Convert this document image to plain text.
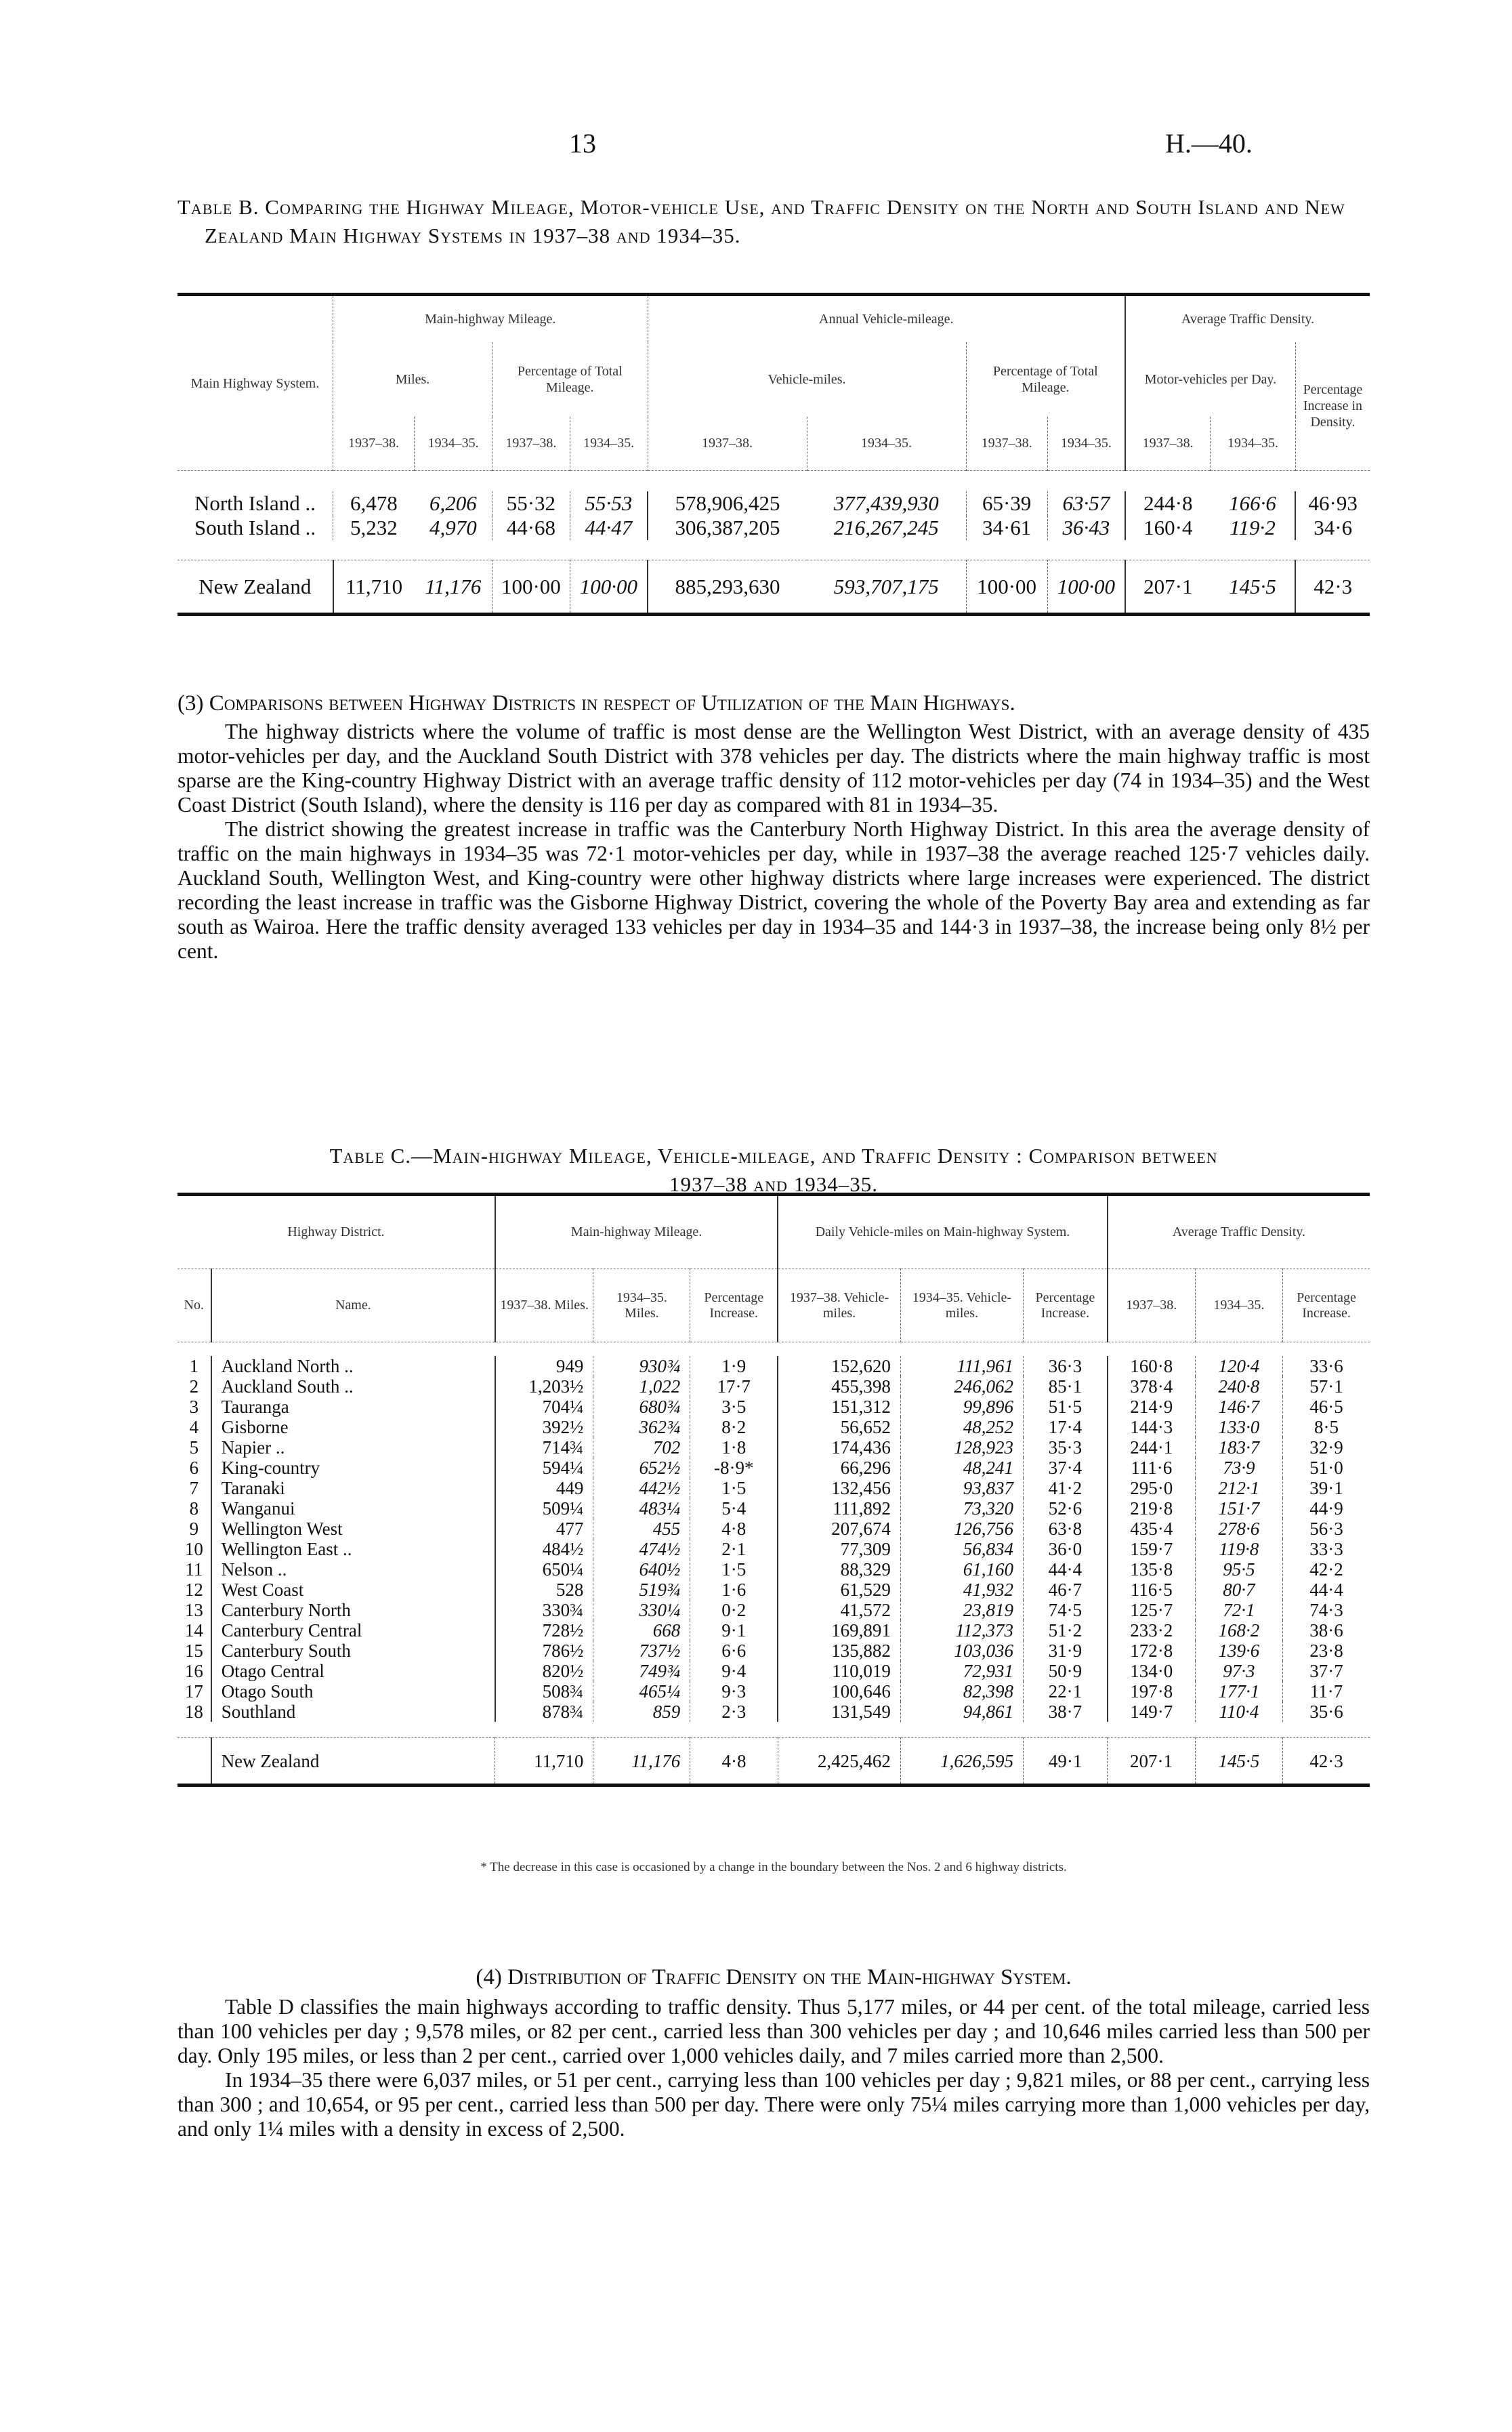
13	H.—40.
Table B. Comparing the Highway Mileage, Motor-vehicle Use, and Traffic Density on the North and South Island and New Zealand Main Highway Systems in 1937–38 and 1934–35.
Main Highway System.	Main-highway Mileage.				Annual Vehicle-mileage.				Average Traffic Density.		
	Miles.		Percentage of Total Mileage.		Vehicle-miles.		Percentage of Total Mileage.		Motor-vehicles per Day.		Percentage Increase in Density.
	1937–38.	1934–35.	1937–38.	1934–35.	1937–38.	1934–35.	1937–38.	1934–35.	1937–38.	1934–35.	

North Island ..	6,478	6,206	55·32	55·53	578,906,425	377,439,930	65·39	63·57	244·8	166·6	46·93
South Island ..	5,232	4,970	44·68	44·47	306,387,205	216,267,245	34·61	36·43	160·4	119·2	34·6

New Zealand	11,710	11,176	100·00	100·00	885,293,630	593,707,175	100·00	100·00	207·1	145·5	42·3
(3) Comparisons between Highway Districts in respect of Utilization of the Main Highways.

The highway districts where the volume of traffic is most dense are the Wellington West District, with an average density of 435 motor-vehicles per day, and the Auckland South District with 378 vehicles per day. The districts where the main highway traffic is most sparse are the King-country Highway District with an average traffic density of 112 motor-vehicles per day (74 in 1934–35) and the West Coast District (South Island), where the density is 116 per day as compared with 81 in 1934–35.

The district showing the greatest increase in traffic was the Canterbury North Highway District. In this area the average density of traffic on the main highways in 1934–35 was 72·1 motor-vehicles per day, while in 1937–38 the average reached 125·7 vehicles daily. Auckland South, Wellington West, and King-country were other highway districts where large increases were experienced. The district recording the least increase in traffic was the Gisborne Highway District, covering the whole of the Poverty Bay area and extending as far south as Wairoa. Here the traffic density averaged 133 vehicles per day in 1934–35 and 144·3 in 1937–38, the increase being only 8½ per cent.

Table C.—Main-highway Mileage, Vehicle-mileage, and Traffic Density : Comparison between
1937–38 and 1934–35.
Highway District.		Main-highway Mileage.			Daily Vehicle-miles on Main-highway System.			Average Traffic Density.		
No.	Name.	1937–38. Miles.	1934–35. Miles.	Percentage Increase.	1937–38. Vehicle-miles.	1934–35. Vehicle-miles.	Percentage Increase.	1937–38.	1934–35.	Percentage Increase.

1	Auckland North ..	949	930¾	1·9	152,620	111,961	36·3	160·8	120·4	33·6
2	Auckland South ..	1,203½	1,022	17·7	455,398	246,062	85·1	378·4	240·8	57·1
3	Tauranga	704¼	680¾	3·5	151,312	99,896	51·5	214·9	146·7	46·5
4	Gisborne	392½	362¾	8·2	56,652	48,252	17·4	144·3	133·0	8·5
5	Napier ..	714¾	702	1·8	174,436	128,923	35·3	244·1	183·7	32·9
6	King-country	594¼	652½	-8·9*	66,296	48,241	37·4	111·6	73·9	51·0
7	Taranaki	449	442½	1·5	132,456	93,837	41·2	295·0	212·1	39·1
8	Wanganui	509¼	483¼	5·4	111,892	73,320	52·6	219·8	151·7	44·9
9	Wellington West	477	455	4·8	207,674	126,756	63·8	435·4	278·6	56·3
10	Wellington East ..	484½	474½	2·1	77,309	56,834	36·0	159·7	119·8	33·3
11	Nelson ..	650¼	640½	1·5	88,329	61,160	44·4	135·8	95·5	42·2
12	West Coast	528	519¾	1·6	61,529	41,932	46·7	116·5	80·7	44·4
13	Canterbury North	330¾	330¼	0·2	41,572	23,819	74·5	125·7	72·1	74·3
14	Canterbury Central	728½	668	9·1	169,891	112,373	51·2	233·2	168·2	38·6
15	Canterbury South	786½	737½	6·6	135,882	103,036	31·9	172·8	139·6	23·8
16	Otago Central	820½	749¾	9·4	110,019	72,931	50·9	134·0	97·3	37·7
17	Otago South	508¾	465¼	9·3	100,646	82,398	22·1	197·8	177·1	11·7
18	Southland	878¾	859	2·3	131,549	94,861	38·7	149·7	110·4	35·6

	New Zealand	11,710	11,176	4·8	2,425,462	1,626,595	49·1	207·1	145·5	42·3
* The decrease in this case is occasioned by a change in the boundary between the Nos. 2 and 6 highway districts.
(4) Distribution of Traffic Density on the Main-highway System.

Table D classifies the main highways according to traffic density. Thus 5,177 miles, or 44 per cent. of the total mileage, carried less than 100 vehicles per day ; 9,578 miles, or 82 per cent., carried less than 300 vehicles per day ; and 10,646 miles carried less than 500 per day. Only 195 miles, or less than 2 per cent., carried over 1,000 vehicles daily, and 7 miles carried more than 2,500.

In 1934–35 there were 6,037 miles, or 51 per cent., carrying less than 100 vehicles per day ; 9,821 miles, or 88 per cent., carrying less than 300 ; and 10,654, or 95 per cent., carried less than 500 per day. There were only 75¼ miles carrying more than 1,000 vehicles per day, and only 1¼ miles with a density in excess of 2,500.
